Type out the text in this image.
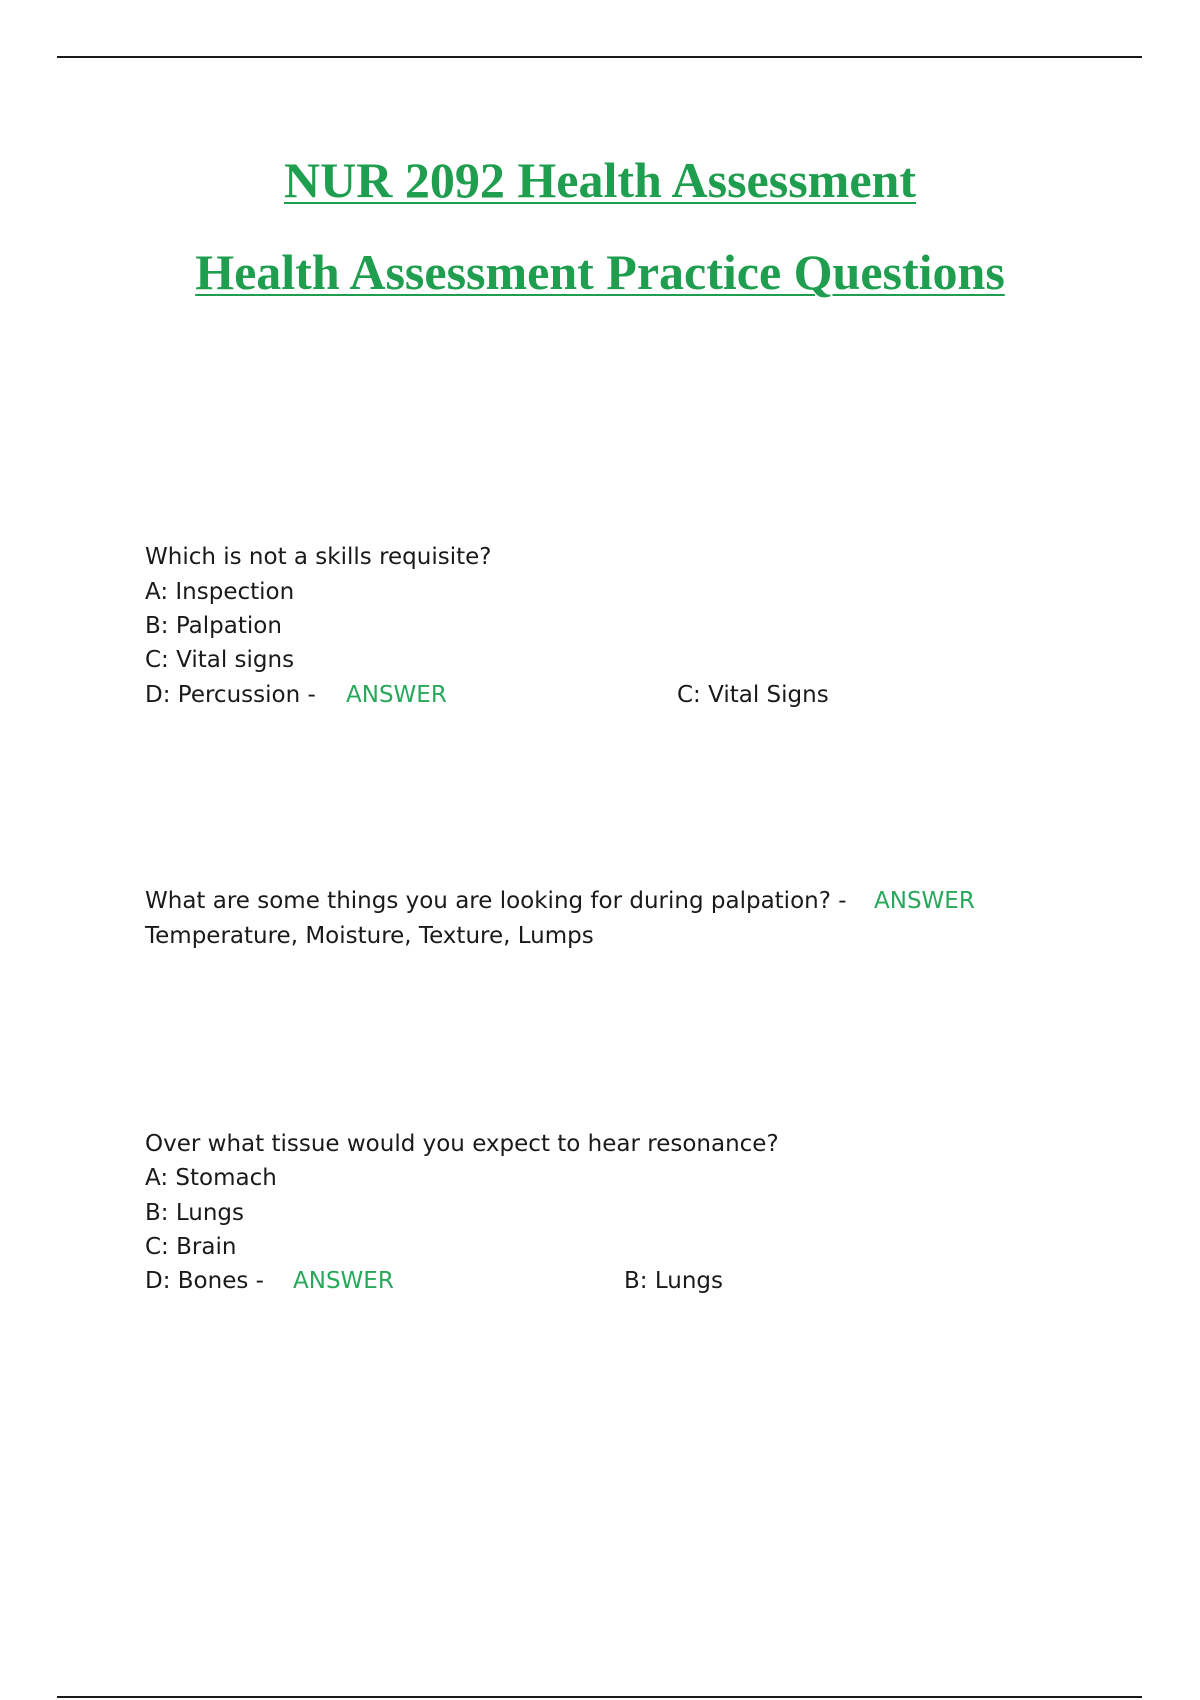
NUR 2092 Health Assessment
Health Assessment Practice Questions
Which is not a skills requisite?
A: Inspection
B: Palpation
C: Vital signs
D: Percussion - ANSWER	C: Vital Signs
What are some things you are looking for during palpation? - ANSWER
Temperature, Moisture, Texture, Lumps
Over what tissue would you expect to hear resonance?
A: Stomach
B: Lungs
C: Brain
D: Bones - ANSWER	B: Lungs
